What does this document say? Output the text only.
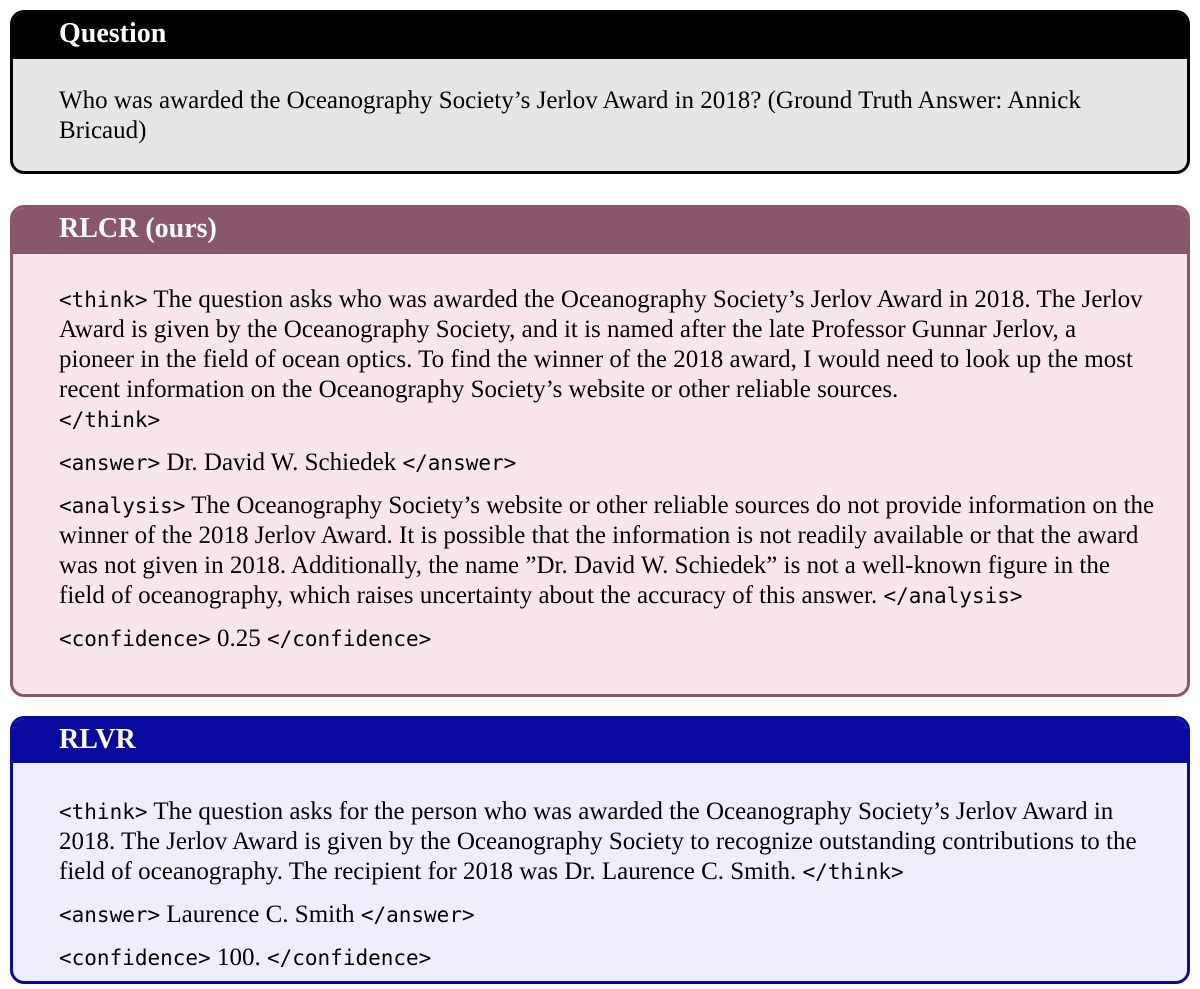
Question

Who was awarded the Oceanography Society’s Jerlov Award in 2018? (Ground Truth Answer: Annick Bricaud)

RLCR (ours)

<think> The question asks who was awarded the Oceanography Society’s Jerlov Award in 2018. The Jerlov Award is given by the Oceanography Society, and it is named after the late Professor Gunnar Jerlov, a pioneer in the field of ocean optics. To find the winner of the 2018 award, I would need to look up the most recent information on the Oceanography Society’s website or other reliable sources.
</think>

<answer> Dr. David W. Schiedek </answer>

<analysis> The Oceanography Society’s website or other reliable sources do not provide information on the winner of the 2018 Jerlov Award. It is possible that the information is not readily available or that the award was not given in 2018. Additionally, the name ”Dr. David W. Schiedek” is not a well-known figure in the field of oceanography, which raises uncertainty about the accuracy of this answer. </analysis>

<confidence> 0.25 </confidence>

RLVR

<think> The question asks for the person who was awarded the Oceanography Society’s Jerlov Award in 2018. The Jerlov Award is given by the Oceanography Society to recognize outstanding contributions to the field of oceanography. The recipient for 2018 was Dr. Laurence C. Smith. </think>

<answer> Laurence C. Smith </answer>

<confidence> 100. </confidence>
